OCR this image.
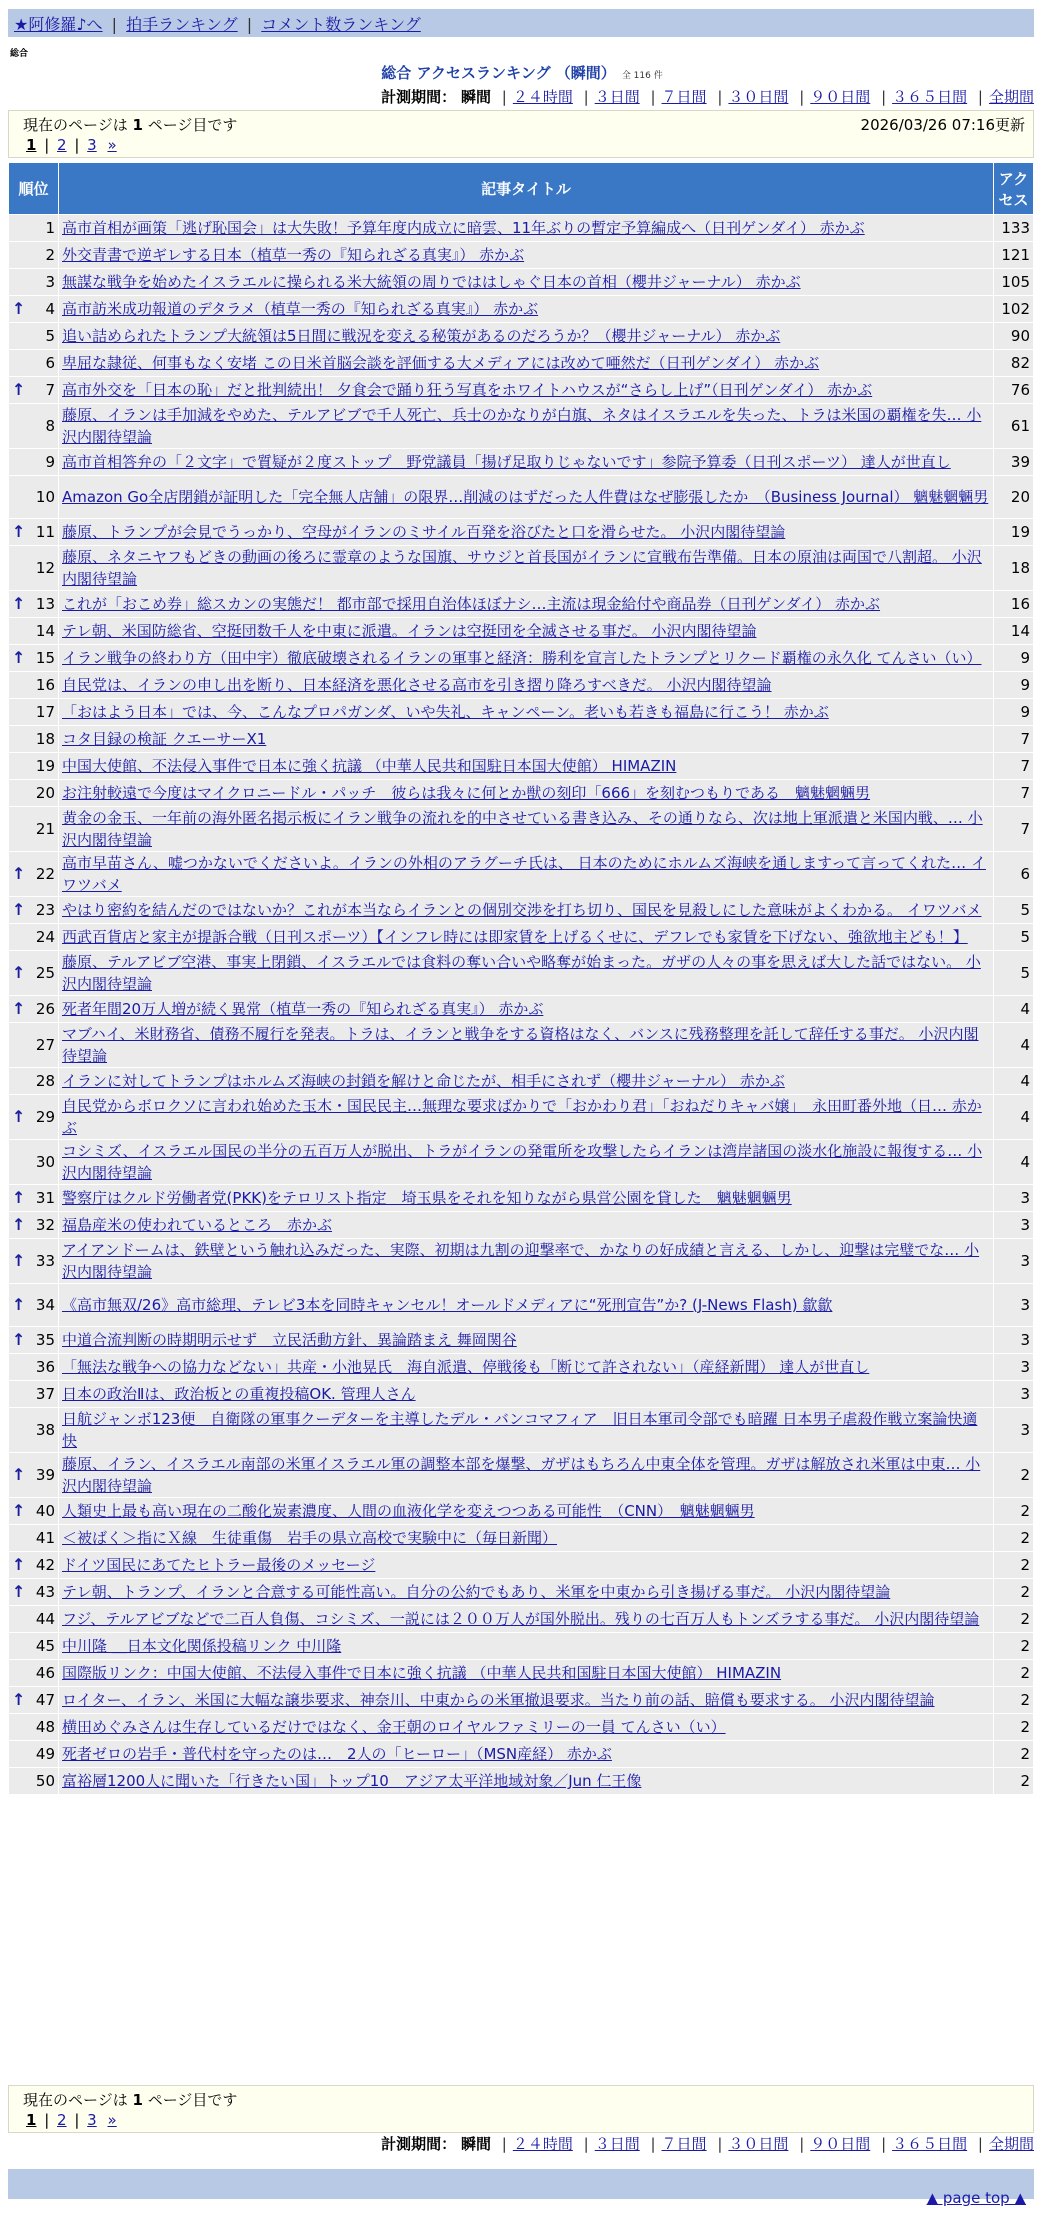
★阿修羅♪へ | 拍手ランキング | コメント数ランキング
総合
総合 アクセスランキング （瞬間） 全 116 件
計測期間： 瞬間 | ２４時間 | ３日間 | ７日間 | ３０日間 | ９０日間 | ３６５日間 | 全期間
現在のページは 1 ページ目です	2026/03/26 07:16更新
1 | 2 | 3 »
順位	記事タイトル	アクセス
1	高市首相が画策「逃げ恥国会」は大失敗！予算年度内成立に暗雲、11年ぶりの暫定予算編成へ（日刊ゲンダイ） 赤かぶ	133
2	外交青書で逆ギレする日本（植草一秀の『知られざる真実』） 赤かぶ	121
3	無謀な戦争を始めたイスラエルに操られる米大統領の周りでははしゃぐ日本の首相（櫻井ジャーナル） 赤かぶ	105

↑ 4	高市訪米成功報道のデタラメ（植草一秀の『知られざる真実』） 赤かぶ	102
5	追い詰められたトランプ大統領は5日間に戦況を変える秘策があるのだろうか？（櫻井ジャーナル） 赤かぶ	90
6	卑屈な隷従、何事もなく安堵 この日米首脳会談を評価する大メディアには改めて唖然だ（日刊ゲンダイ） 赤かぶ	82

↑ 7	高市外交を「日本の恥」だと批判続出！ 夕食会で踊り狂う写真をホワイトハウスが“さらし上げ”（日刊ゲンダイ） 赤かぶ	76
8	藤原、イランは手加減をやめた、テルアビブで千人死亡、兵士のかなりが白旗、ネタはイスラエルを失った、トラは米国の覇権を失… 小沢内閣待望論	61
9	高市首相答弁の「２文字」で質疑が２度ストップ　野党議員「揚げ足取りじゃないです」参院予算委（日刊スポーツ） 達人が世直し	39
10	Amazon Go全店閉鎖が証明した「完全無人店舗」の限界…削減のはずだった人件費はなぜ膨張したか　（Business Journal） 魑魅魍魎男	20

↑ 11	藤原、トランプが会見でうっかり、空母がイランのミサイル百発を浴びたと口を滑らせた。 小沢内閣待望論	19
12	藤原、ネタニヤフもどきの動画の後ろに霊章のような国旗、サウジと首長国がイランに宣戦布告準備。日本の原油は両国で八割超。 小沢内閣待望論	18

↑ 13	これが「おこめ券」総スカンの実態だ！ 都市部で採用自治体ほぼナシ…主流は現金給付や商品券（日刊ゲンダイ） 赤かぶ	16
14	テレ朝、米国防総省、空挺団数千人を中東に派遣。イランは空挺団を全滅させる事だ。 小沢内閣待望論	14

↑ 15	イラン戦争の終わり方（田中宇）徹底破壊されるイランの軍事と経済：勝利を宣言したトランプとリクード覇権の永久化 てんさい（い）	9
16	自民党は、イランの申し出を断り、日本経済を悪化させる高市を引き摺り降ろすべきだ。 小沢内閣待望論	9
17	「おはよう日本」では、今、こんなプロパガンダ、いや失礼、キャンペーン。老いも若きも福島に行こう！ 赤かぶ	9
18	コタ目録の検証 クエーサーX1	7
19	中国大使館、不法侵入事件で日本に強く抗議 （中華人民共和国駐日本国大使館） HIMAZIN	7
20	お注射較遠で今度はマイクロニードル・パッチ　彼らは我々に何とか獣の刻印「666」を刻むつもりである　魑魅魍魎男	7
21	黄金の金玉、一年前の海外匿名掲示板にイラン戦争の流れを的中させている書き込み、その通りなら、次は地上軍派遣と米国内戦、… 小沢内閣待望論	7

↑ 22	高市早苗さん、嘘つかないでくださいよ。イランの外相のアラグーチ氏は、 日本のためにホルムズ海峡を通しますって言ってくれた… イワツバメ	6

↑ 23	やはり密約を結んだのではないか？これが本当ならイランとの個別交渉を打ち切り、国民を見殺しにした意味がよくわかる。 イワツバメ	5
24	西武百貨店と家主が提訴合戦（日刊スポーツ）【インフレ時には即家賃を上げるくせに、デフレでも家賃を下げない、強欲地主ども！】	5

↑ 25	藤原、テルアビブ空港、事実上閉鎖、イスラエルでは食料の奪い合いや略奪が始まった。ガザの人々の事を思えば大した話ではない。 小沢内閣待望論	5

↑ 26	死者年間20万人増が続く異常（植草一秀の『知られざる真実』） 赤かぶ	4
27	マブハイ、米財務省、債務不履行を発表。トラは、イランと戦争をする資格はなく、バンスに残務整理を託して辞任する事だ。 小沢内閣待望論	4
28	イランに対してトランプはホルムズ海峡の封鎖を解けと命じたが、相手にされず（櫻井ジャーナル） 赤かぶ	4

↑ 29	自民党からボロクソに言われ始めた玉木・国民民主…無理な要求ばかりで「おかわり君」「おねだりキャバ嬢」　永田町番外地（日… 赤かぶ	4
30	コシミズ、イスラエル国民の半分の五百万人が脱出、トラがイランの発電所を攻撃したらイランは湾岸諸国の淡水化施設に報復する… 小沢内閣待望論	4

↑ 31	警察庁はクルド労働者党(PKK)をテロリスト指定　埼玉県をそれを知りながら県営公園を貸した　魑魅魍魎男	3

↑ 32	福島産米の使われているところ　赤かぶ	3

↑ 33	アイアンドームは、鉄壁という触れ込みだった、実際、初期は九割の迎撃率で、かなりの好成績と言える、しかし、迎撃は完璧でな… 小沢内閣待望論	3

↑ 34	《高市無双/26》高市総理、テレビ3本を同時キャンセル！オールドメディアに“死刑宣告”か? (J-News Flash) 歙歙	3

↑ 35	中道合流判断の時期明示せず　立民活動方針、異論踏まえ 舞岡関谷	3
36	「無法な戦争への協力などない」共産・小池晃氏　海自派遣、停戦後も「断じて許されない」（産経新聞） 達人が世直し	3
37	日本の政治Ⅱは、政治板との重複投稿OK. 管理人さん	3
38	日航ジャンボ123便　自衛隊の軍事クーデターを主導したデル・バンコマフィア　旧日本軍司令部でも暗躍 日本男子虐殺作戦立案論快適快	3

↑ 39	藤原、イラン、イスラエル南部の米軍イスラエル軍の調整本部を爆撃、ガザはもちろん中東全体を管理。ガザは解放され米軍は中東… 小沢内閣待望論	2

↑ 40	人類史上最も高い現在の二酸化炭素濃度、人間の血液化学を変えつつある可能性　（CNN）　魑魅魍魎男	2
41	＜被ばく＞指にＸ線　生徒重傷　岩手の県立高校で実験中に（毎日新聞）	2

↑ 42	ドイツ国民にあてたヒトラー最後のメッセージ	2

↑ 43	テレ朝、トランプ、イランと合意する可能性高い。自分の公約でもあり、米軍を中東から引き揚げる事だ。 小沢内閣待望論	2
44	フジ、テルアビブなどで二百人負傷、コシミズ、一説には２００万人が国外脱出。残りの七百万人もトンズラする事だ。 小沢内閣待望論	2
45	中川隆 ＿日本文化関係投稿リンク 中川隆	2
46	国際版リンク：中国大使館、不法侵入事件で日本に強く抗議 （中華人民共和国駐日本国大使館） HIMAZIN	2

↑ 47	ロイター、イラン、米国に大幅な譲歩要求、神奈川、中東からの米軍撤退要求。当たり前の話、賠償も要求する。 小沢内閣待望論	2
48	横田めぐみさんは生存しているだけではなく、金王朝のロイヤルファミリーの一員 てんさい（い）	2
49	死者ゼロの岩手・普代村を守ったのは…　2人の「ヒーロー」（MSN産経） 赤かぶ	2
50	富裕層1200人に聞いた「行きたい国」トップ10　アジア太平洋地域対象／Jun 仁王像	2
現在のページは 1 ページ目です
1 | 2 | 3 »
計測期間： 瞬間 | ２４時間 | ３日間 | ７日間 | ３０日間 | ９０日間 | ３６５日間 | 全期間
▲ page top ▲
